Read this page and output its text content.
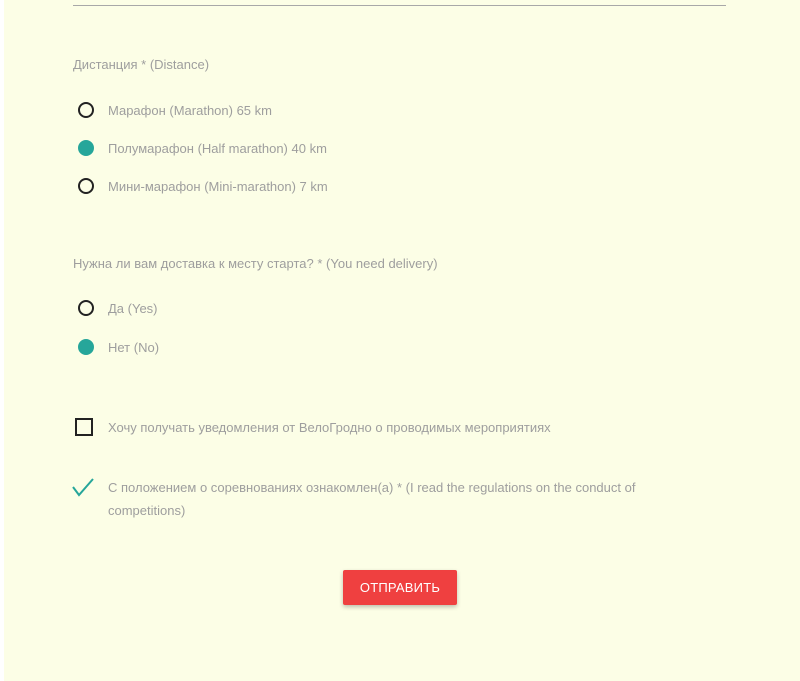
Дистанция * (Distance)
Марафон (Marathon) 65 km
Полумарафон (Half marathon) 40 km
Мини-марафон (Mini-marathon) 7 km
Нужна ли вам доставка к месту старта? * (You need delivery)
Да (Yes)
Нет (No)
Хочу получать уведомления от ВелоГродно о проводимых мероприятиях
С положением о соревнованиях ознакомлен(а) * (I read the regulations on the conduct of competitions)
ОТПРАВИТЬ
